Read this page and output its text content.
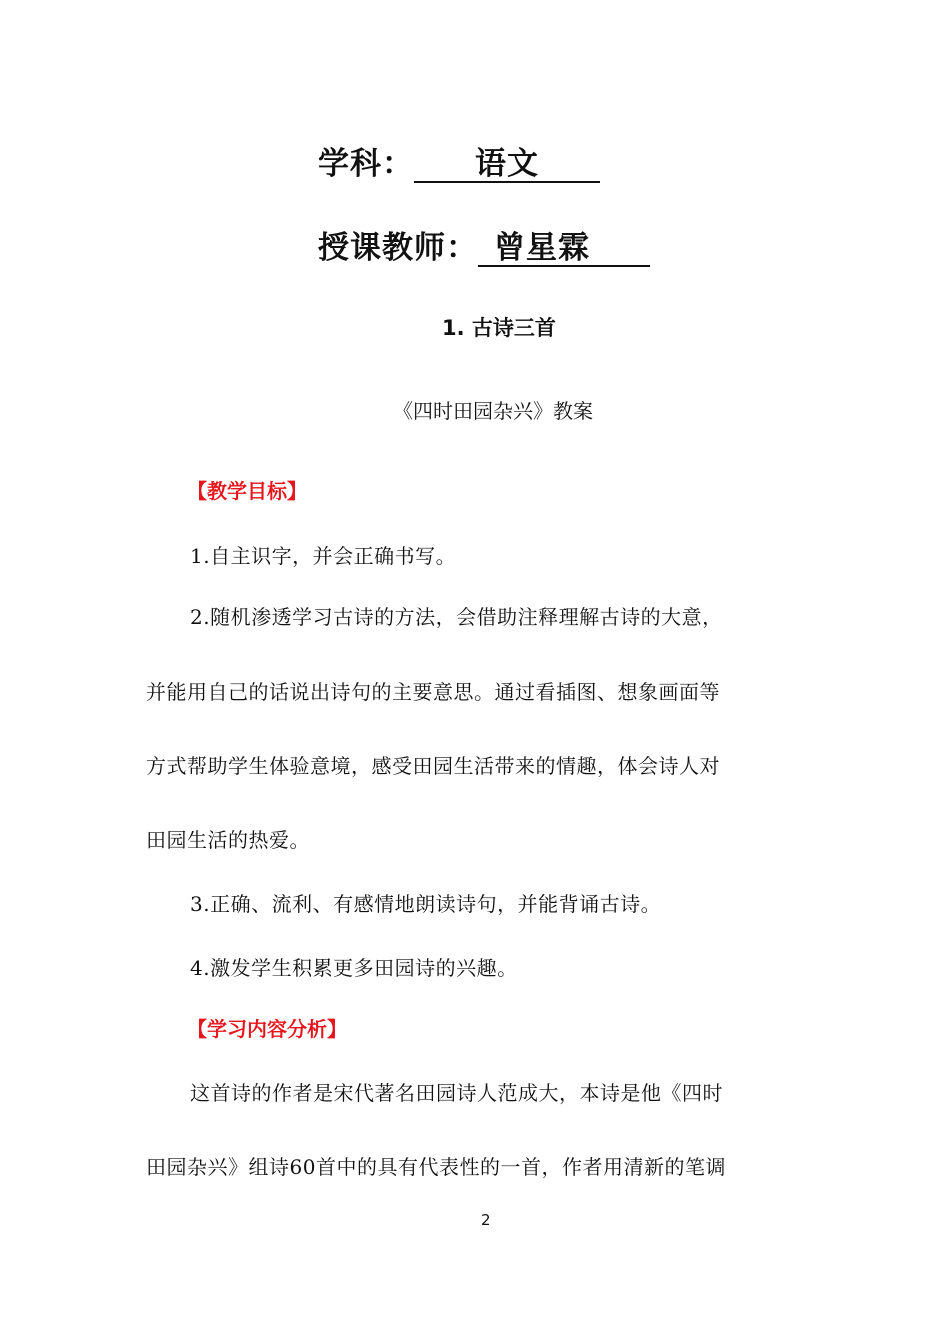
学科： 语文
授课教师： 曾星霖
1. 古诗三首
《四时田园杂兴》教案
【教学目标】
1.自主识字，并会正确书写。
2.随机渗透学习古诗的方法，会借助注释理解古诗的大意，
并能用自己的话说出诗句的主要意思。通过看插图、想象画面等
方式帮助学生体验意境，感受田园生活带来的情趣，体会诗人对
田园生活的热爱。
3.正确、流利、有感情地朗读诗句，并能背诵古诗。
4.激发学生积累更多田园诗的兴趣。
【学习内容分析】
这首诗的作者是宋代著名田园诗人范成大，本诗是他《四时
田园杂兴》组诗60首中的具有代表性的一首，作者用清新的笔调
2
